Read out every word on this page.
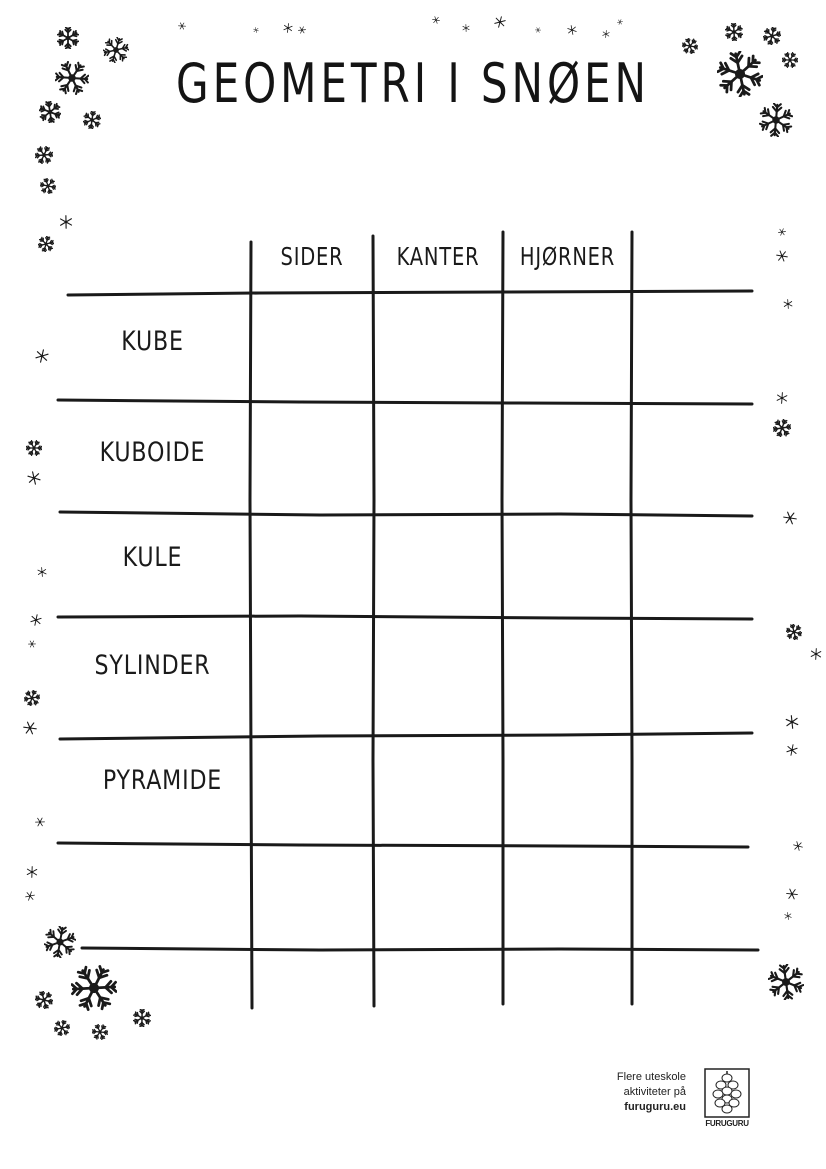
GEOMETRI I SNØEN
SIDER	KANTER	HJØRNER
KUBE
KUBOIDE
KULE
SYLINDER
PYRAMIDE
Flere uteskole
aktiviteter på
furuguru.eu
FURUGURU
